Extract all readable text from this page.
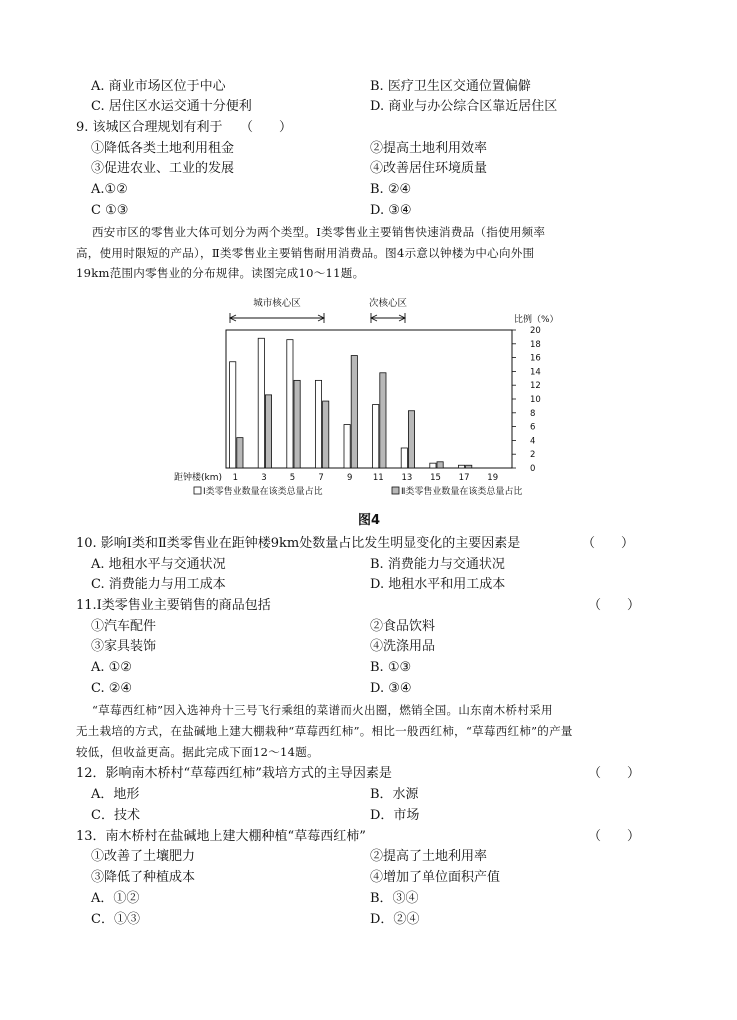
A. 商业市场区位于中心	B. 医疗卫生区交通位置偏僻
C. 居住区水运交通十分便利	D. 商业与办公综合区靠近居住区
9. 该城区合理规划有利于 （　　）
①降低各类土地利用租金	②提高土地利用效率
③促进农业、工业的发展	④改善居住环境质量
A.①②	B. ②④
C ①③	D. ③④
西安市区的零售业大体可划分为两个类型。Ⅰ类零售业主要销售快速消费品（指使用频率
高，使用时限短的产品），Ⅱ类零售业主要销售耐用消费品。图4示意以钟楼为中心向外围
19km范围内零售业的分布规律。读图完成10～11题。
城市核心区	次核心区
20
18
16
14
12
10
8
6
4
2
0
比例（%）
1	3	5	7	9 11 13 15 17 19
距钟楼(km)
Ⅰ类零售业数量在该类总量占比	Ⅱ类零售业数量在该类总量占比
图4
10. 影响Ⅰ类和Ⅱ类零售业在距钟楼9km处数量占比发生明显变化的主要因素是	（　　）
A. 地租水平与交通状况	B. 消费能力与交通状况
C. 消费能力与用工成本	D. 地租水平和用工成本
11.Ⅰ类零售业主要销售的商品包括	（　　）
①汽车配件	②食品饮料
③家具装饰	④洗涤用品
A. ①②	B. ①③
C. ②④	D. ③④
“草莓西红柿”因入选神舟十三号飞行乘组的菜谱而火出圈，燃销全国。山东南木桥村采用
无土栽培的方式，在盐碱地上建大棚栽种“草莓西红柿”。相比一般西红柿，“草莓西红柿”的产量
较低，但收益更高。据此完成下面12～14题。
12．影响南木桥村“草莓西红柿”栽培方式的主导因素是	（　　）
A．地形	B．水源
C．技术	D．市场
13．南木桥村在盐碱地上建大棚种植“草莓西红柿”	（　　）
①改善了土壤肥力	②提高了土地利用率
③降低了种植成本	④增加了单位面积产值
A．①②	B．③④
C．①③	D．②④
